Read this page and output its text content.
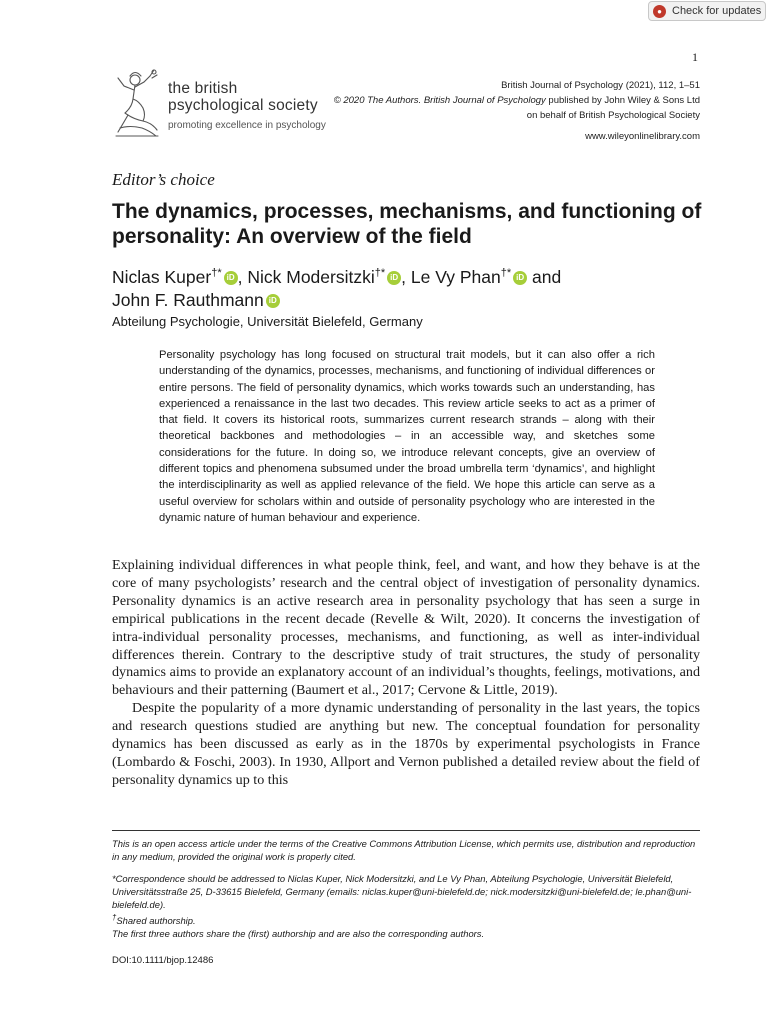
● Check for updates
1
the british
psychological society
promoting excellence in psychology
British Journal of Psychology (2021), 112, 1–51
© 2020 The Authors. British Journal of Psychology published by John Wiley & Sons Ltd
on behalf of British Psychological Society
www.wileyonlinelibrary.com
Editor’s choice
The dynamics, processes, mechanisms, and functioning of personality: An overview of the field
Niclas Kuper†* iD , Nick Modersitzki†* iD , Le Vy Phan†* iD and
John F. Rauthmann iD
Abteilung Psychologie, Universität Bielefeld, Germany

Personality psychology has long focused on structural trait models, but it can also offer a rich understanding of the dynamics, processes, mechanisms, and functioning of individual differences or entire persons. The field of personality dynamics, which works towards such an understanding, has experienced a renaissance in the last two decades. This review article seeks to act as a primer of that field. It covers its historical roots, summarizes current research strands – along with their theoretical backbones and methodologies – in an accessible way, and sketches some considerations for the future. In doing so, we introduce relevant concepts, give an overview of different topics and phenomena subsumed under the broad umbrella term ‘dynamics’, and highlight the interdisciplinarity as well as applied relevance of the field. We hope this article can serve as a useful overview for scholars within and outside of personality psychology who are interested in the dynamic nature of human behaviour and experience.

Explaining individual differences in what people think, feel, and want, and how they behave is at the core of many psychologists’ research and the central object of investigation of personality dynamics. Personality dynamics is an active research area in personality psychology that has seen a surge in empirical publications in the recent decade (Revelle & Wilt, 2020). It concerns the investigation of intra-individual personality processes, mechanisms, and functioning, as well as inter-individual differences therein. Contrary to the descriptive study of trait structures, the study of personality dynamics aims to provide an explanatory account of an individual’s thoughts, feelings, motivations, and behaviours and their patterning (Baumert et al., 2017; Cervone & Little, 2019).

Despite the popularity of a more dynamic understanding of personality in the last years, the topics and research questions studied are anything but new. The conceptual foundation for personality dynamics has been discussed as early as in the 1870s by experimental psychologists in France (Lombardo & Foschi, 2003). In 1930, Allport and Vernon published a detailed review about the field of personality dynamics up to this

This is an open access article under the terms of the Creative Commons Attribution License, which permits use, distribution and reproduction in any medium, provided the original work is properly cited.

*Correspondence should be addressed to Niclas Kuper, Nick Modersitzki, and Le Vy Phan, Abteilung Psychologie, Universität Bielefeld, Universitätsstraße 25, D-33615 Bielefeld, Germany (emails: niclas.kuper@uni-bielefeld.de; nick.modersitzki@uni-bielefeld.de; le.phan@uni-bielefeld.de).

†Shared authorship.

The first three authors share the (first) authorship and are also the corresponding authors.

DOI:10.1111/bjop.12486
